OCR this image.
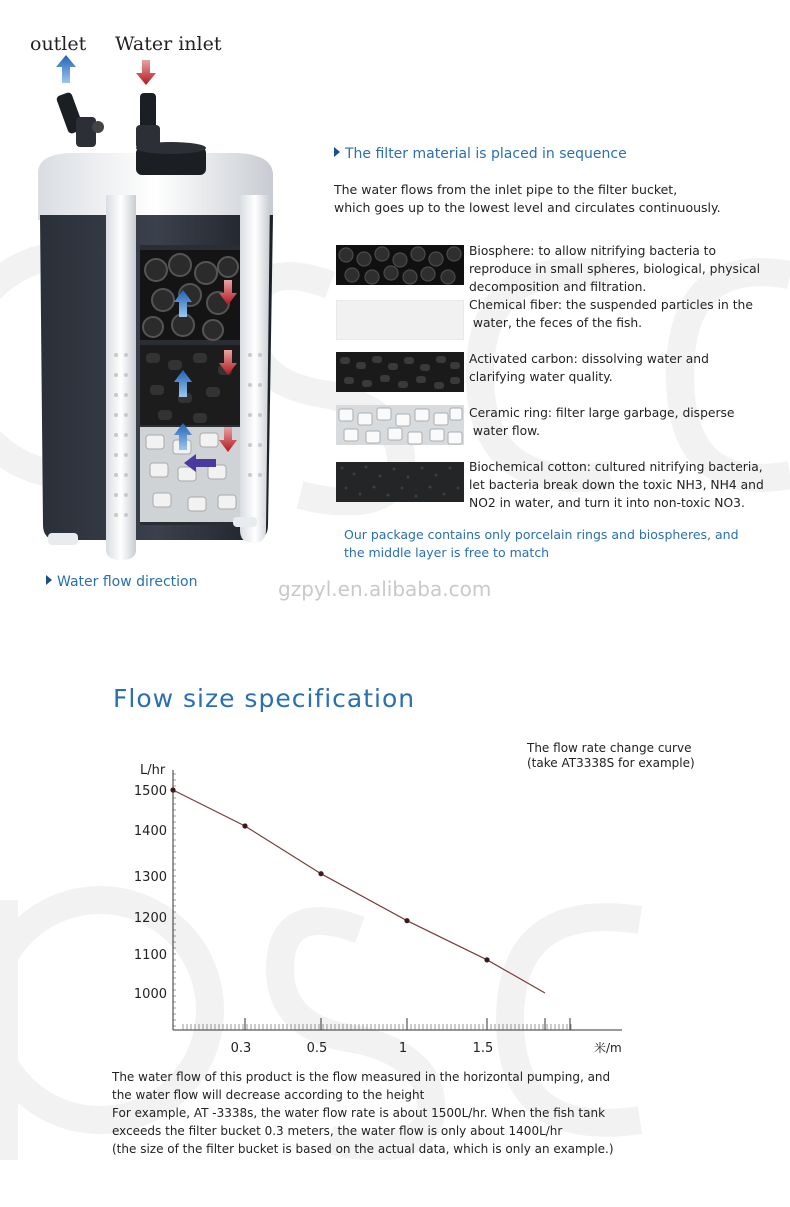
outlet Water inlet
Water flow direction
The filter material is placed in sequence
The water flows from the inlet pipe to the filter bucket,
which goes up to the lowest level and circulates continuously.
Biosphere: to allow nitrifying bacteria to
reproduce in small spheres, biological, physical
decomposition and filtration.
Chemical fiber: the suspended particles in the
water, the feces of the fish.
Activated carbon: dissolving water and
clarifying water quality.
Ceramic ring: filter large garbage, disperse
water flow.
Biochemical cotton: cultured nitrifying bacteria,
let bacteria break down the toxic NH3, NH4 and
NO2 in water, and turn it into non-toxic NO3.
Our package contains only porcelain rings and biospheres, and
the middle layer is free to match
gzpyl.en.alibaba.com
Flow size specification
The flow rate change curve
(take AT3338S for example)
1500
1400
1300
1200
1100
1000
0.3	0.5	1	1.5
L/hr
米/m
The water flow of this product is the flow measured in the horizontal pumping, and
the water flow will decrease according to the height
For example, AT -3338s, the water flow rate is about 1500L/hr. When the fish tank
exceeds the filter bucket 0.3 meters, the water flow is only about 1400L/hr
(the size of the filter bucket is based on the actual data, which is only an example.)
